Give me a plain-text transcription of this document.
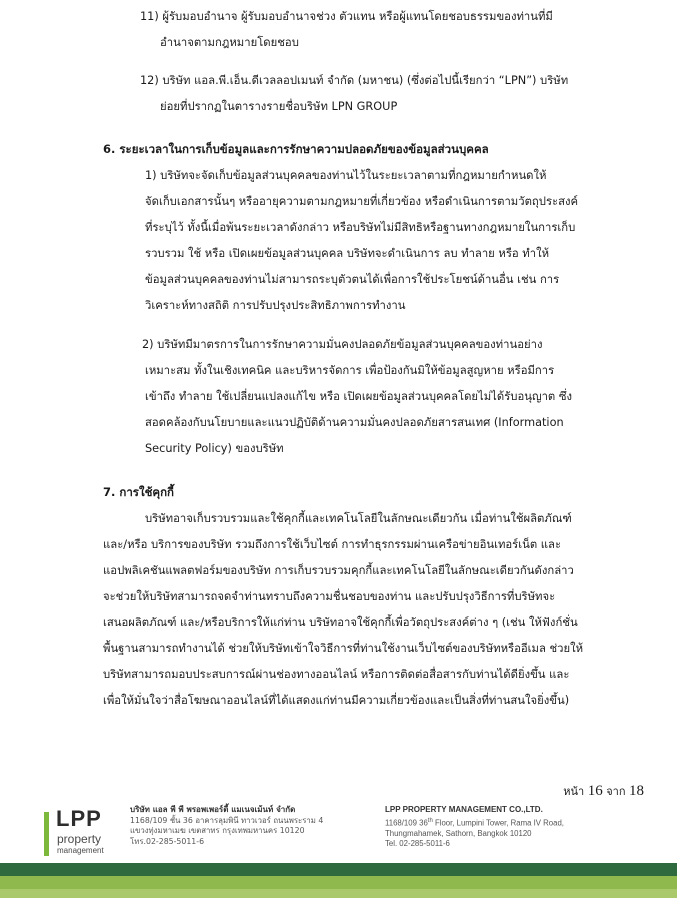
11) ผู้รับมอบอำนาจ ผู้รับมอบอำนาจช่วง ตัวแทน หรือผู้แทนโดยชอบธรรมของท่านที่มี
อำนาจตามกฎหมายโดยชอบ
12) บริษัท แอล.พี.เอ็น.ดีเวลลอปเมนท์ จำกัด (มหาชน) (ซึ่งต่อไปนี้เรียกว่า “LPN”) บริษัท
ย่อยที่ปรากฏในตารางรายชื่อบริษัท LPN GROUP
6. ระยะเวลาในการเก็บข้อมูลและการรักษาความปลอดภัยของข้อมูลส่วนบุคคล
1) บริษัทจะจัดเก็บข้อมูลส่วนบุคคลของท่านไว้ในระยะเวลาตามที่กฎหมายกำหนดให้
จัดเก็บเอกสารนั้นๆ หรืออายุความตามกฎหมายที่เกี่ยวข้อง หรือดำเนินการตามวัตถุประสงค์
ที่ระบุไว้ ทั้งนี้เมื่อพ้นระยะเวลาดังกล่าว หรือบริษัทไม่มีสิทธิหรือฐานทางกฎหมายในการเก็บ
รวบรวม ใช้ หรือ เปิดเผยข้อมูลส่วนบุคคล บริษัทจะดำเนินการ ลบ ทำลาย หรือ ทำให้
ข้อมูลส่วนบุคคลของท่านไม่สามารถระบุตัวตนได้เพื่อการใช้ประโยชน์ด้านอื่น เช่น การ
วิเคราะห์ทางสถิติ การปรับปรุงประสิทธิภาพการทำงาน
2) บริษัทมีมาตรการในการรักษาความมั่นคงปลอดภัยข้อมูลส่วนบุคคลของท่านอย่าง
เหมาะสม ทั้งในเชิงเทคนิค และบริหารจัดการ เพื่อป้องกันมิให้ข้อมูลสูญหาย หรือมีการ
เข้าถึง ทำลาย ใช้เปลี่ยนแปลงแก้ไข หรือ เปิดเผยข้อมูลส่วนบุคคลโดยไม่ได้รับอนุญาต ซึ่ง
สอดคล้องกับนโยบายและแนวปฏิบัติด้านความมั่นคงปลอดภัยสารสนเทศ (Information
Security Policy) ของบริษัท
7. การใช้คุกกี้
บริษัทอาจเก็บรวบรวมและใช้คุกกี้และเทคโนโลยีในลักษณะเดียวกัน เมื่อท่านใช้ผลิตภัณฑ์
และ/หรือ บริการของบริษัท รวมถึงการใช้เว็บไซต์ การทำธุรกรรมผ่านเครือข่ายอินเทอร์เน็ต และ
แอปพลิเคชันแพลตฟอร์มของบริษัท การเก็บรวบรวมคุกกี้และเทคโนโลยีในลักษณะเดียวกันดังกล่าว
จะช่วยให้บริษัทสามารถจดจำท่านทราบถึงความชื่นชอบของท่าน และปรับปรุงวิธีการที่บริษัทจะ
เสนอผลิตภัณฑ์ และ/หรือบริการให้แก่ท่าน บริษัทอาจใช้คุกกี้เพื่อวัตถุประสงค์ต่าง ๆ (เช่น ให้ฟังก์ชั่น
พื้นฐานสามารถทำงานได้ ช่วยให้บริษัทเข้าใจวิธีการที่ท่านใช้งานเว็บไซต์ของบริษัทหรืออีเมล ช่วยให้
บริษัทสามารถมอบประสบการณ์ผ่านช่องทางออนไลน์ หรือการติดต่อสื่อสารกับท่านได้ดียิ่งขึ้น และ
เพื่อให้มั่นใจว่าสื่อโฆษณาออนไลน์ที่ได้แสดงแก่ท่านมีความเกี่ยวข้องและเป็นสิ่งที่ท่านสนใจยิ่งขึ้น)
หน้า 16 จาก 18
LPP
property
management
บริษัท แอล พี พี พรอพเพอร์ตี้ แมเนจเม้นท์ จำกัด
1168/109 ชั้น 36 อาคารลุมพินี ทาวเวอร์ ถนนพระราม 4
แขวงทุ่งมหาเมฆ เขตสาทร กรุงเทพมหานคร 10120
โทร.02-285-5011-6
LPP PROPERTY MANAGEMENT CO.,LTD.
1168/109 36th Floor, Lumpini Tower, Rama IV Road,
Thungmahamek, Sathorn, Bangkok 10120
Tel. 02-285-5011-6
